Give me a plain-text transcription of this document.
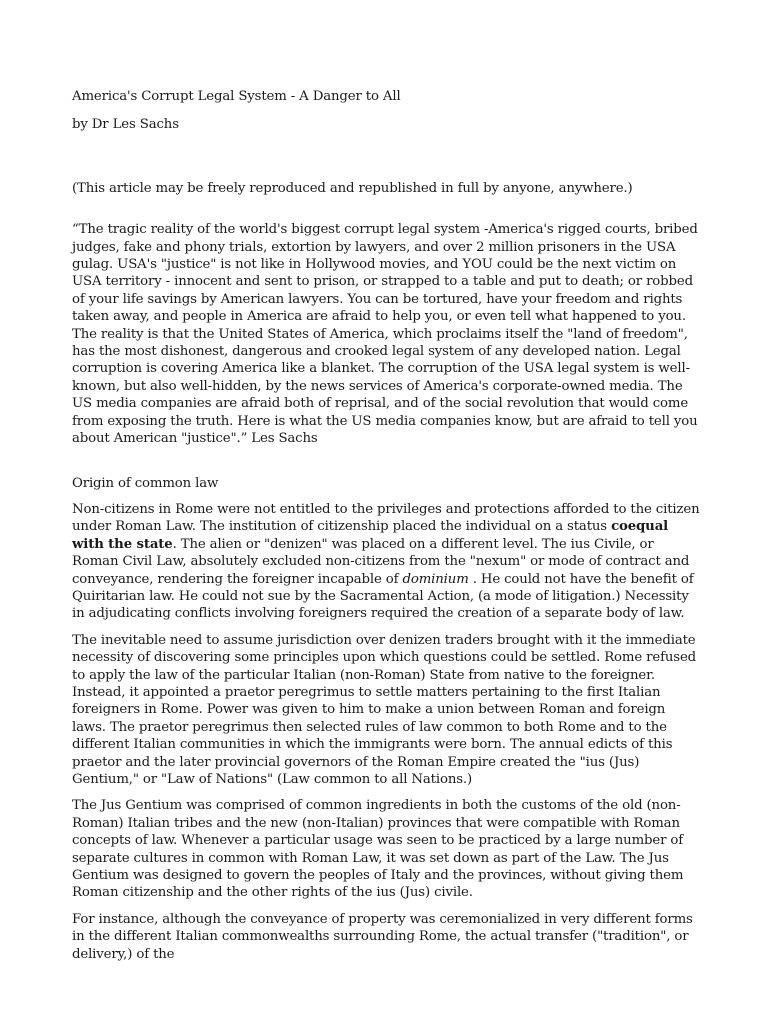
America's Corrupt Legal System - A Danger to All

by Dr Les Sachs

(This article may be freely reproduced and republished in full by anyone, anywhere.)

“The tragic reality of the world's biggest corrupt legal system -America's rigged courts, bribed judges, fake and phony trials, extortion by lawyers, and over 2 million prisoners in the USA gulag. USA's "justice" is not like in Hollywood movies, and YOU could be the next victim on USA territory - innocent and sent to prison, or strapped to a table and put to death; or robbed of your life savings by American lawyers. You can be tortured, have your freedom and rights taken away, and people in America are afraid to help you, or even tell what happened to you. The reality is that the United States of America, which proclaims itself the "land of freedom", has the most dishonest, dangerous and crooked legal system of any developed nation. Legal corruption is covering America like a blanket. The corruption of the USA legal system is well-known, but also well-hidden, by the news services of America's corporate-owned media. The US media companies are afraid both of reprisal, and of the social revolution that would come from exposing the truth. Here is what the US media companies know, but are afraid to tell you about American "justice".” Les Sachs

Origin of common law

Non-citizens in Rome were not entitled to the privileges and protections afforded to the citizen under Roman Law. The institution of citizenship placed the individual on a status coequal with the state. The alien or "denizen" was placed on a different level. The ius Civile, or Roman Civil Law, absolutely excluded non-citizens from the "nexum" or mode of contract and conveyance, rendering the foreigner incapable of dominium . He could not have the benefit of Quiritarian law. He could not sue by the Sacramental Action, (a mode of litigation.) Necessity in adjudicating conflicts involving foreigners required the creation of a separate body of law.

The inevitable need to assume jurisdiction over denizen traders brought with it the immediate necessity of discovering some principles upon which questions could be settled. Rome refused to apply the law of the particular Italian (non-Roman) State from native to the foreigner. Instead, it appointed a praetor peregrimus to settle matters pertaining to the first Italian foreigners in Rome. Power was given to him to make a union between Roman and foreign laws. The praetor peregrimus then selected rules of law common to both Rome and to the different Italian communities in which the immigrants were born. The annual edicts of this praetor and the later provincial governors of the Roman Empire created the "ius (Jus) Gentium," or "Law of Nations" (Law common to all Nations.)

The Jus Gentium was comprised of common ingredients in both the customs of the old (non-Roman) Italian tribes and the new (non-Italian) provinces that were compatible with Roman concepts of law. Whenever a particular usage was seen to be practiced by a large number of separate cultures in common with Roman Law, it was set down as part of the Law. The Jus Gentium was designed to govern the peoples of Italy and the provinces, without giving them Roman citizenship and the other rights of the ius (Jus) civile.

For instance, although the conveyance of property was ceremonialized in very different forms in the different Italian commonwealths surrounding Rome, the actual transfer ("tradition", or delivery,) of the
